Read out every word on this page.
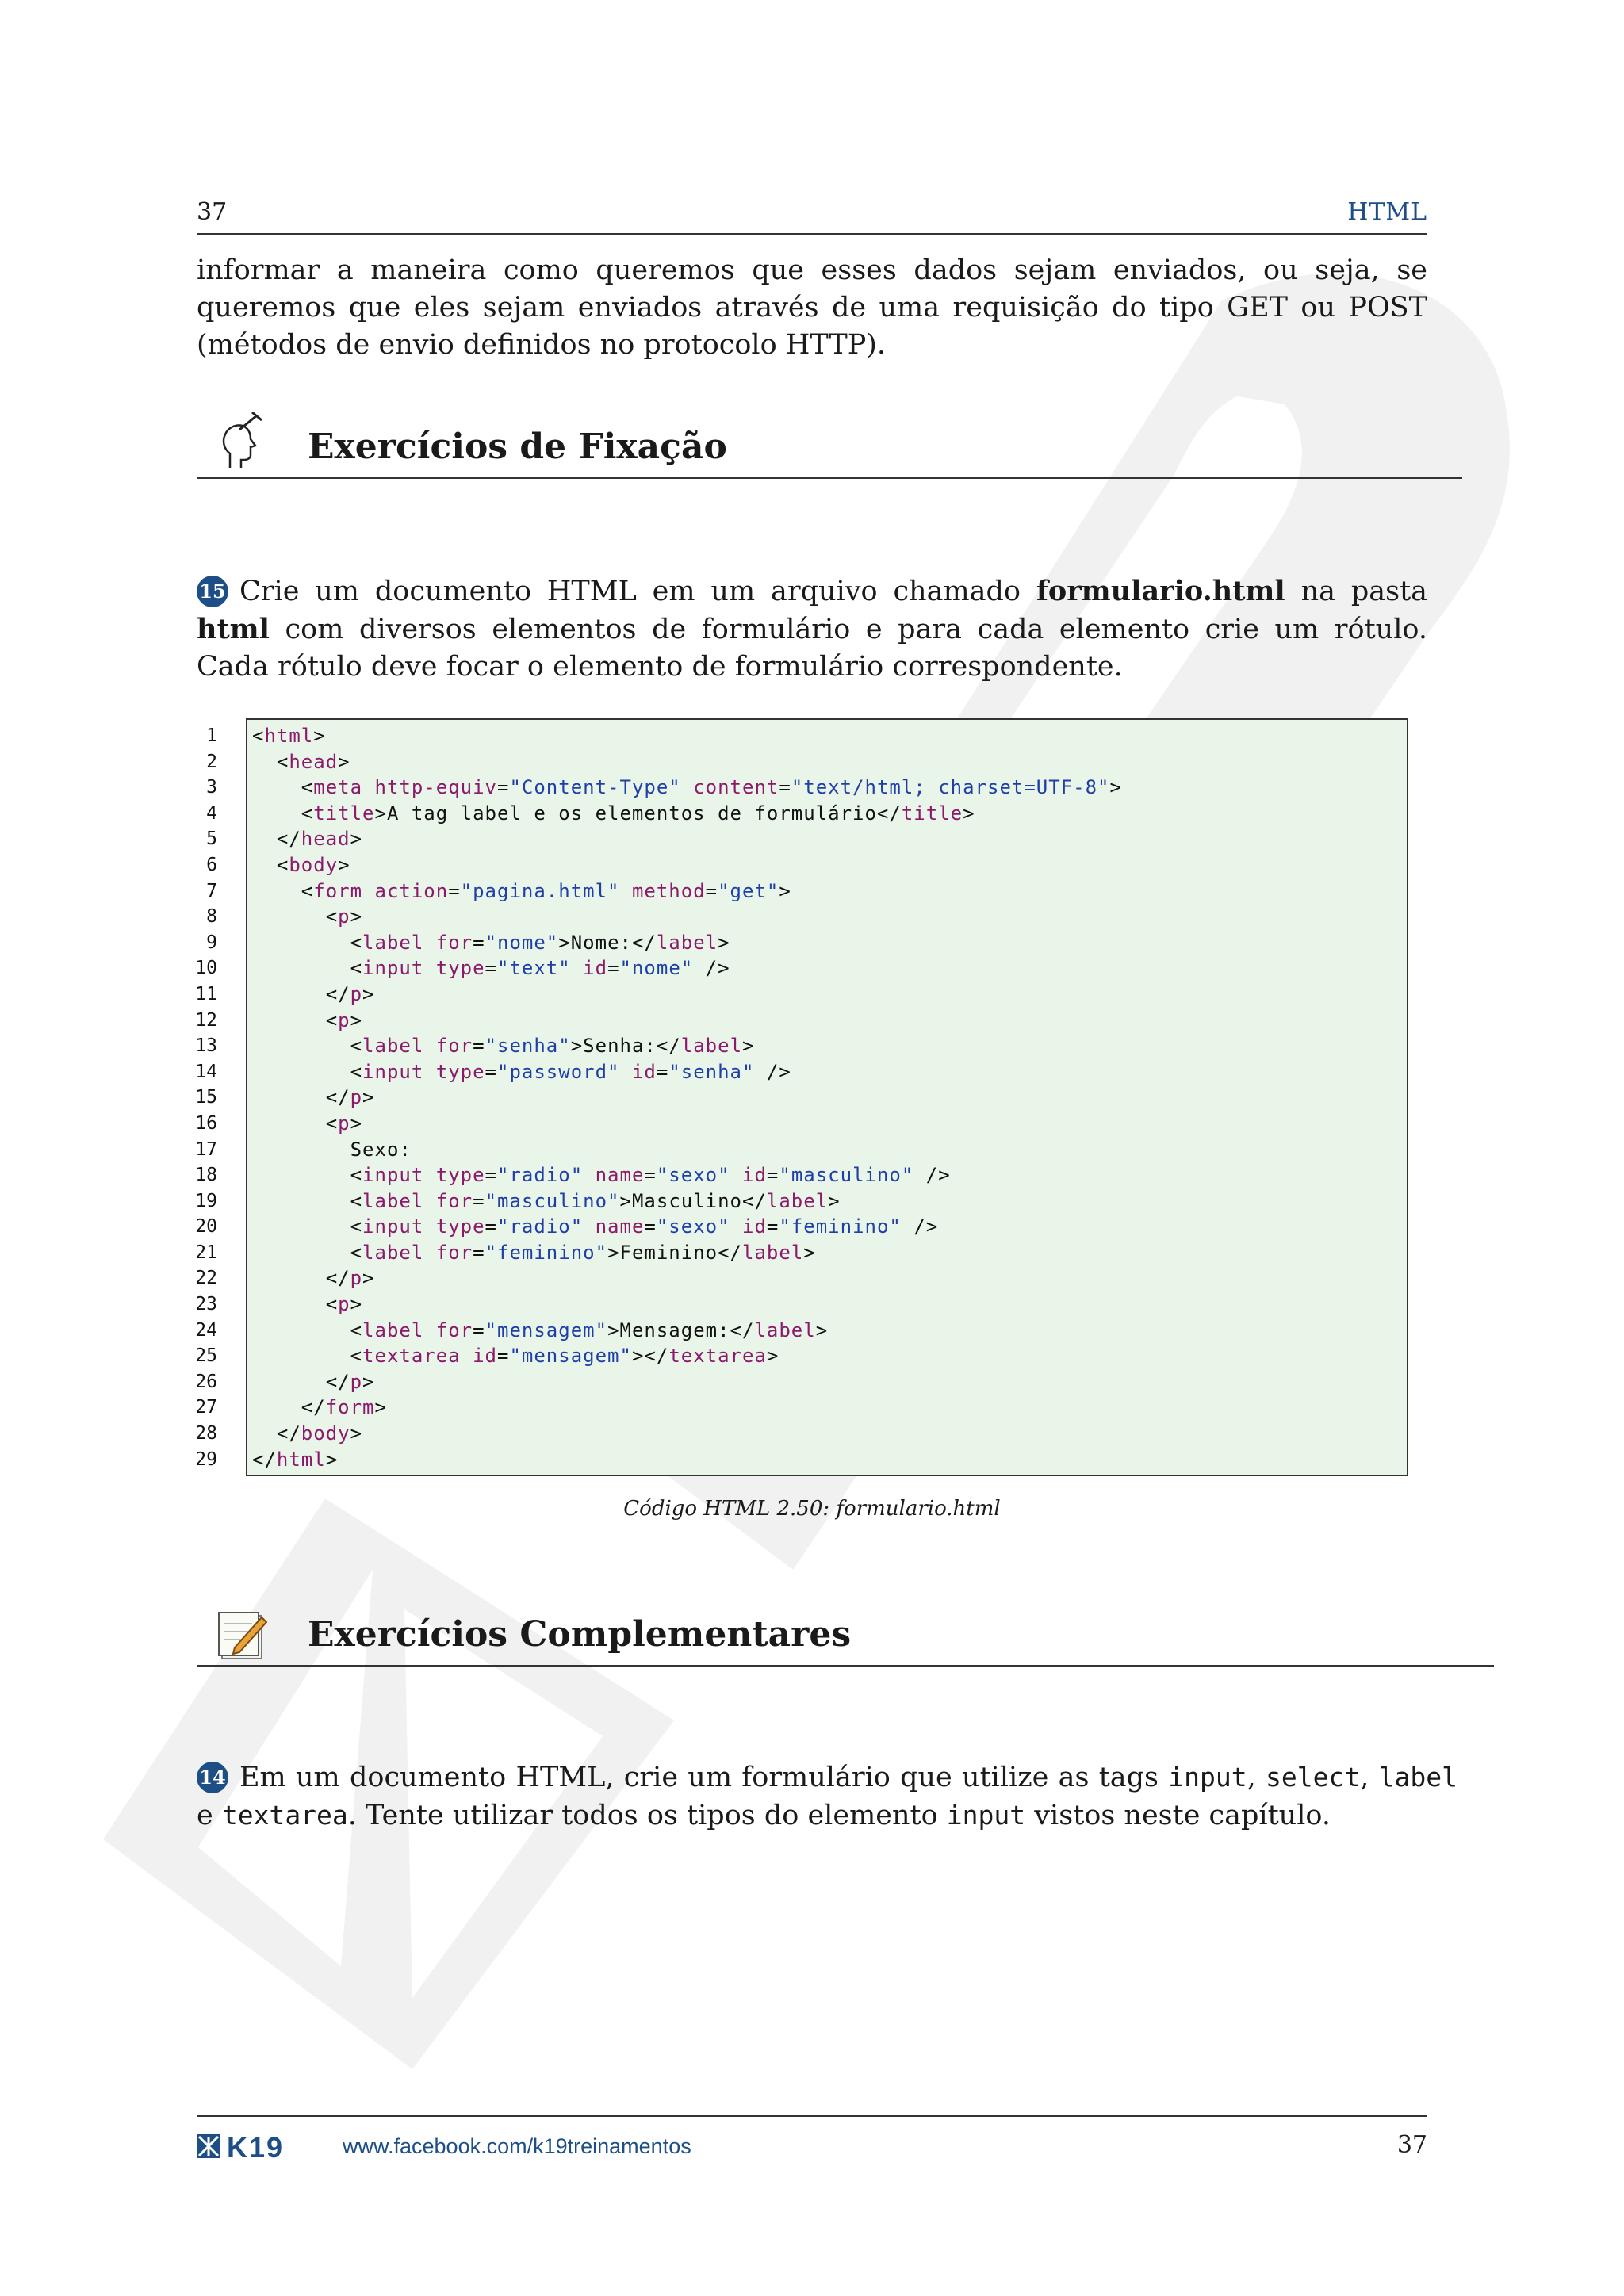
37	HTML
informar a maneira como queremos que esses dados sejam enviados, ou seja, se queremos que eles sejam enviados através de uma requisição do tipo GET ou POST (métodos de envio definidos no protocolo HTTP).
Exercícios de Fixação
15 Crie um documento HTML em um arquivo chamado formulario.html na pasta html com diversos elementos de formulário e para cada elemento crie um rótulo. Cada rótulo deve focar o elemento de formulário correspondente.
1
2
3
4
5
6
7
8
9
10
11
12
13
14
15
16
17
18
19
20
21
22
23
24
25
26
27
28
29
<html>
<head>
<meta http-equiv="Content-Type" content="text/html; charset=UTF-8">
<title>A tag label e os elementos de formulário</title>
</head>
<body>
<form action="pagina.html" method="get">
<p>
<label for="nome">Nome:</label>
<input type="text" id="nome" />
</p>
<p>
<label for="senha">Senha:</label>
<input type="password" id="senha" />
</p>
<p>
Sexo:
<input type="radio" name="sexo" id="masculino" />
<label for="masculino">Masculino</label>
<input type="radio" name="sexo" id="feminino" />
<label for="feminino">Feminino</label>
</p>
<p>
<label for="mensagem">Mensagem:</label>
<textarea id="mensagem"></textarea>
</p>
</form>
</body>
</html>
Código HTML 2.50: formulario.html
Exercícios Complementares
14 Em um documento HTML, crie um formulário que utilize as tags input, select, label e textarea. Tente utilizar todos os tipos do elemento input vistos neste capítulo.
K19	www.facebook.com/k19treinamentos	37
